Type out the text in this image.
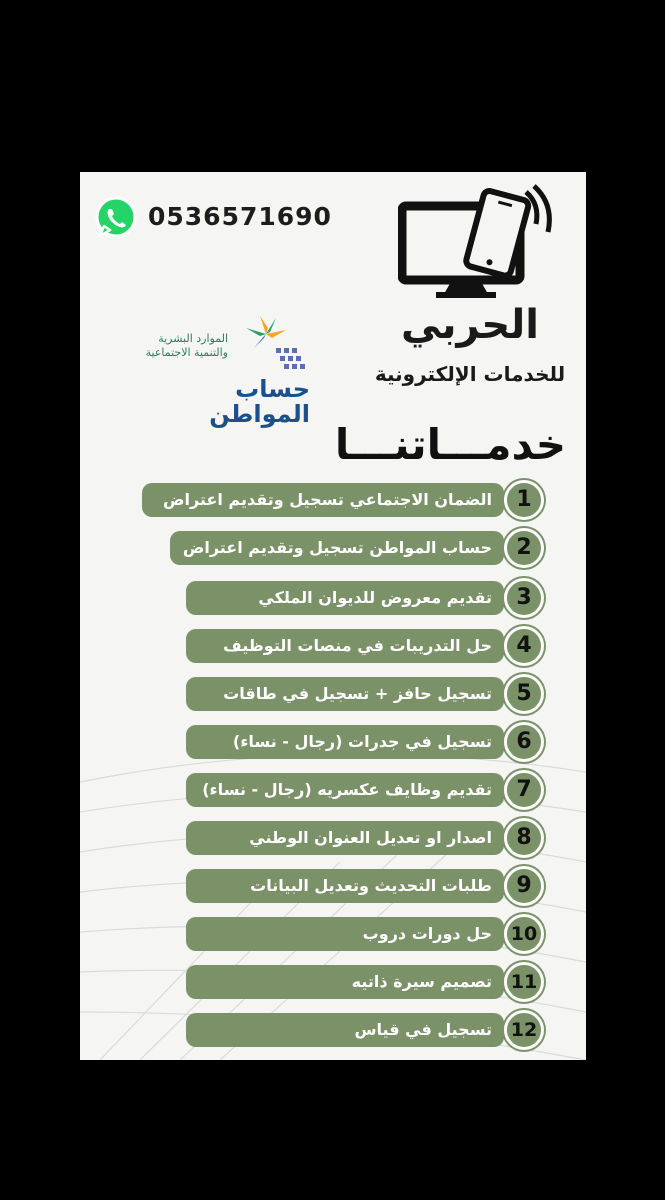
0536571690
الحربي
للخدمات الإلكترونية
الموارد البشرية
والتنمية الاجتماعية
حساب
المواطن
خدمـــاتنـــا
الضمان الاجتماعي تسجيل وتقديم اعتراض	1
حساب المواطن تسجيل وتقديم اعتراض	2
تقديم معروض للديوان الملكي	3
حل التدريبات في منصات التوظيف	4
تسجيل حافز + تسجيل في طاقات	5
تسجيل في جدرات (رجال - نساء)	6
تقديم وظايف عكسريه (رجال - نساء)	7
اصدار او تعديل العنوان الوطني	8
طلبات التحديث وتعديل البيانات	9
حل دورات دروب 10
تصميم سيرة ذاتيه 11
تسجيل في قياس 12
